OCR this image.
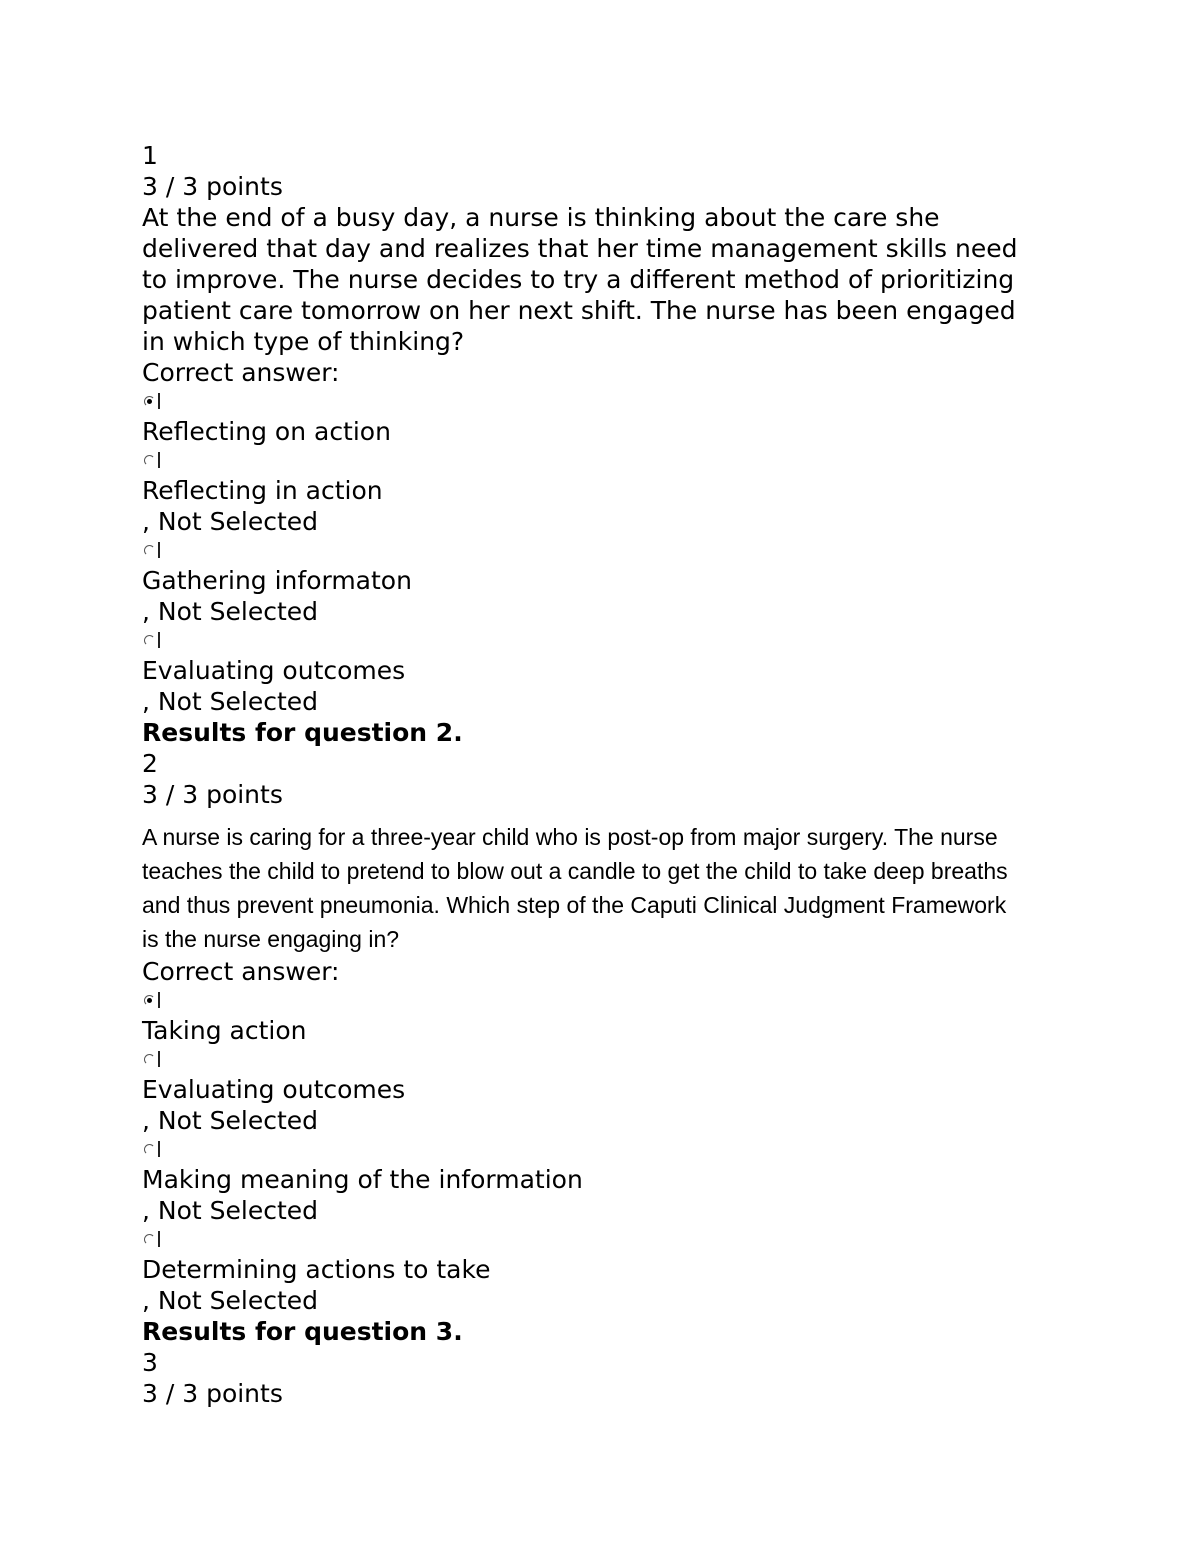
1
3 / 3 points
At the end of a busy day, a nurse is thinking about the care she delivered that day and realizes that her time management skills need to improve. The nurse decides to try a different method of prioritizing patient care tomorrow on her next shift. The nurse has been engaged in which type of thinking?
Correct answer:
Reflecting on action
Reflecting in action
, Not Selected
Gathering informaton
, Not Selected
Evaluating outcomes
, Not Selected
Results for question 2.
2
3 / 3 points
A nurse is caring for a three-year child who is post-op from major surgery. The nurse teaches the child to pretend to blow out a candle to get the child to take deep breaths and thus prevent pneumonia. Which step of the Caputi Clinical Judgment Framework is the nurse engaging in?
Correct answer:
Taking action
Evaluating outcomes
, Not Selected
Making meaning of the information
, Not Selected
Determining actions to take
, Not Selected
Results for question 3.
3
3 / 3 points
